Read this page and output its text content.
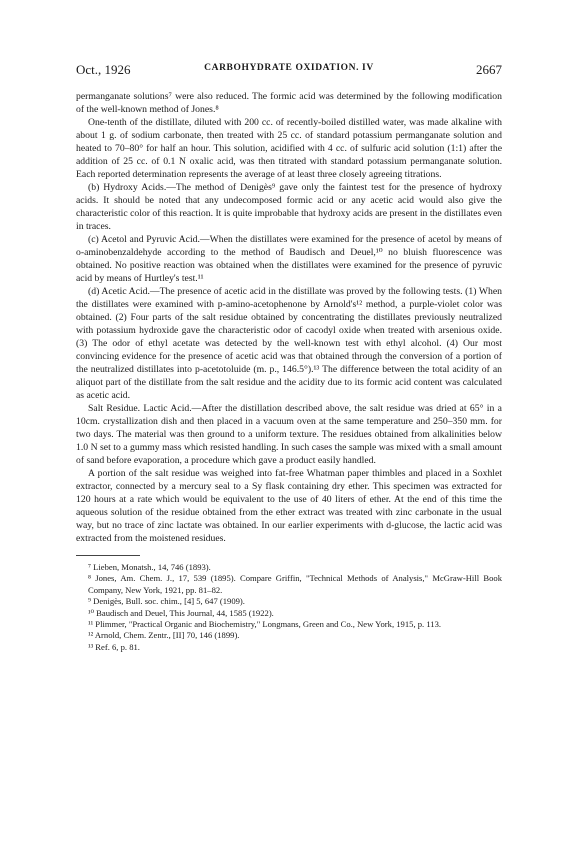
Oct., 1926	CARBOHYDRATE OXIDATION. IV	2667

permanganate solutions⁷ were also reduced. The formic acid was determined by the following modification of the well-known method of Jones.⁸

One-tenth of the distillate, diluted with 200 cc. of recently-boiled distilled water, was made alkaline with about 1 g. of sodium carbonate, then treated with 25 cc. of standard potassium permanganate solution and heated to 70–80° for half an hour. This solution, acidified with 4 cc. of sulfuric acid solution (1:1) after the addition of 25 cc. of 0.1 N oxalic acid, was then titrated with standard potassium permanganate solution. Each reported determination represents the average of at least three closely agreeing titrations.

(b) Hydroxy Acids.—The method of Denigès⁹ gave only the faintest test for the presence of hydroxy acids. It should be noted that any undecomposed formic acid or any acetic acid would also give the characteristic color of this reaction. It is quite improbable that hydroxy acids are present in the distillates even in traces.

(c) Acetol and Pyruvic Acid.—When the distillates were examined for the presence of acetol by means of o-aminobenzaldehyde according to the method of Baudisch and Deuel,¹⁰ no bluish fluorescence was obtained. No positive reaction was obtained when the distillates were examined for the presence of pyruvic acid by means of Hurtley's test.¹¹

(d) Acetic Acid.—The presence of acetic acid in the distillate was proved by the following tests. (1) When the distillates were examined with p-amino-acetophenone by Arnold's¹² method, a purple-violet color was obtained. (2) Four parts of the salt residue obtained by concentrating the distillates previously neutralized with potassium hydroxide gave the characteristic odor of cacodyl oxide when treated with arsenious oxide. (3) The odor of ethyl acetate was detected by the well-known test with ethyl alcohol. (4) Our most convincing evidence for the presence of acetic acid was that obtained through the conversion of a portion of the neutralized distillates into p-acetotoluide (m. p., 146.5°).¹³ The difference between the total acidity of an aliquot part of the distillate from the salt residue and the acidity due to its formic acid content was calculated as acetic acid.

Salt Residue. Lactic Acid.—After the distillation described above, the salt residue was dried at 65° in a 10cm. crystallization dish and then placed in a vacuum oven at the same temperature and 250–350 mm. for two days. The material was then ground to a uniform texture. The residues obtained from alkalinities below 1.0 N set to a gummy mass which resisted handling. In such cases the sample was mixed with a small amount of sand before evaporation, a procedure which gave a product easily handled.

A portion of the salt residue was weighed into fat-free Whatman paper thimbles and placed in a Soxhlet extractor, connected by a mercury seal to a Sy flask containing dry ether. This specimen was extracted for 120 hours at a rate which would be equivalent to the use of 40 liters of ether. At the end of this time the aqueous solution of the residue obtained from the ether extract was treated with zinc carbonate in the usual way, but no trace of zinc lactate was obtained. In our earlier experiments with d-glucose, the lactic acid was extracted from the moistened residues.

⁷ Lieben, Monatsh., 14, 746 (1893).

⁸ Jones, Am. Chem. J., 17, 539 (1895). Compare Griffin, "Technical Methods of Analysis," McGraw-Hill Book Company, New York, 1921, pp. 81–82.

⁹ Denigès, Bull. soc. chim., [4] 5, 647 (1909).

¹⁰ Baudisch and Deuel, This Journal, 44, 1585 (1922).

¹¹ Plimmer, "Practical Organic and Biochemistry," Longmans, Green and Co., New York, 1915, p. 113.

¹² Arnold, Chem. Zentr., [II] 70, 146 (1899).

¹³ Ref. 6, p. 81.
